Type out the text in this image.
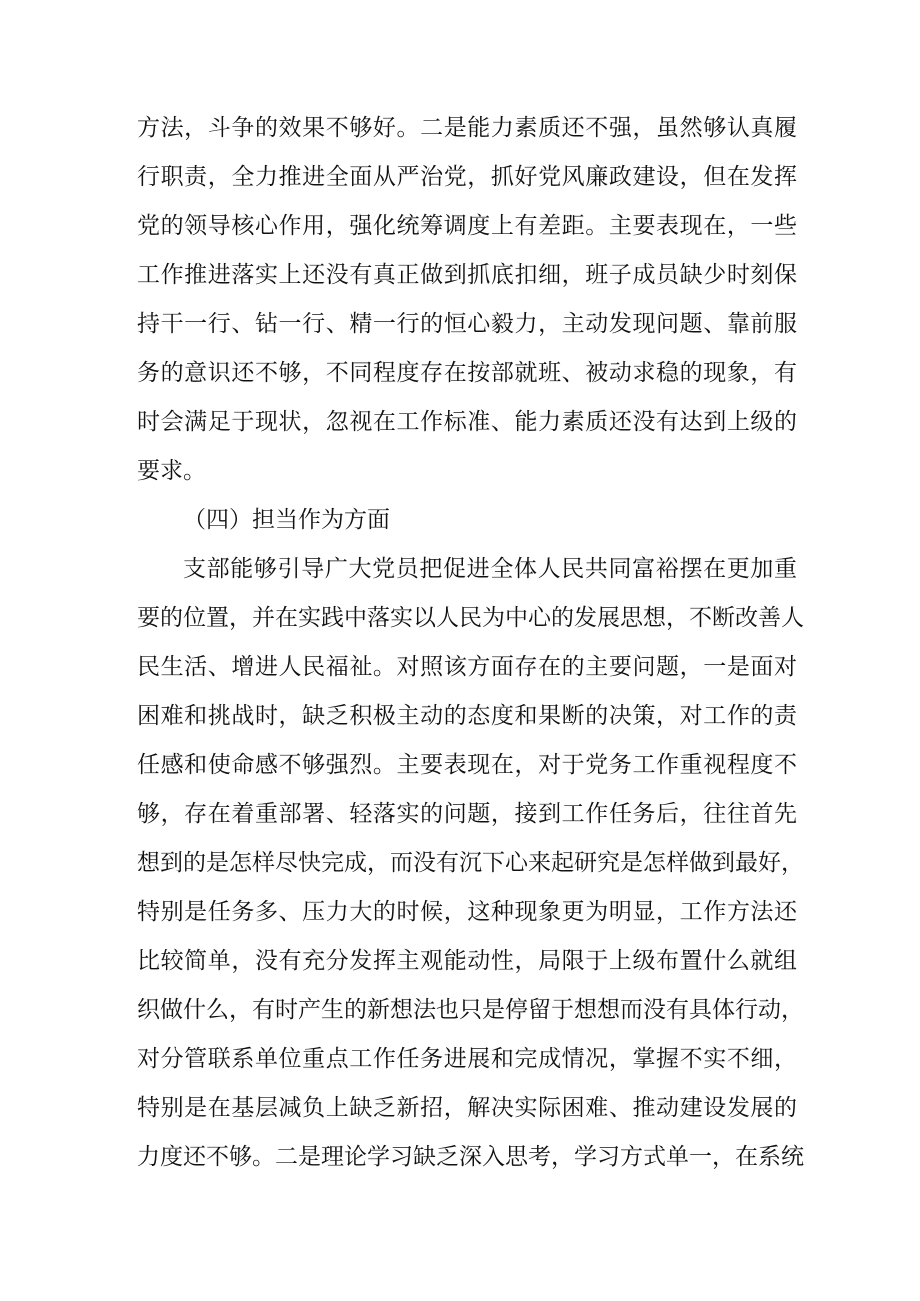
方法，斗争的效果不够好。二是能力素质还不强，虽然够认真履
行职责，全力推进全面从严治党，抓好党风廉政建设，但在发挥
党的领导核心作用，强化统筹调度上有差距。主要表现在，一些
工作推进落实上还没有真正做到抓底扣细，班子成员缺少时刻保
持干一行、钻一行、精一行的恒心毅力，主动发现问题、靠前服
务的意识还不够，不同程度存在按部就班、被动求稳的现象，有
时会满足于现状，忽视在工作标准、能力素质还没有达到上级的
要求。
（四）担当作为方面
支部能够引导广大党员把促进全体人民共同富裕摆在更加重
要的位置，并在实践中落实以人民为中心的发展思想，不断改善人
民生活、增进人民福祉。对照该方面存在的主要问题，一是面对
困难和挑战时，缺乏积极主动的态度和果断的决策，对工作的责
任感和使命感不够强烈。主要表现在，对于党务工作重视程度不
够，存在着重部署、轻落实的问题，接到工作任务后，往往首先
想到的是怎样尽快完成，而没有沉下心来起研究是怎样做到最好，
特别是任务多、压力大的时候，这种现象更为明显，工作方法还
比较简单，没有充分发挥主观能动性，局限于上级布置什么就组
织做什么，有时产生的新想法也只是停留于想想而没有具体行动，
对分管联系单位重点工作任务进展和完成情况，掌握不实不细，
特别是在基层减负上缺乏新招，解决实际困难、推动建设发展的
力度还不够。二是理论学习缺乏深入思考，学习方式单一，在系统
